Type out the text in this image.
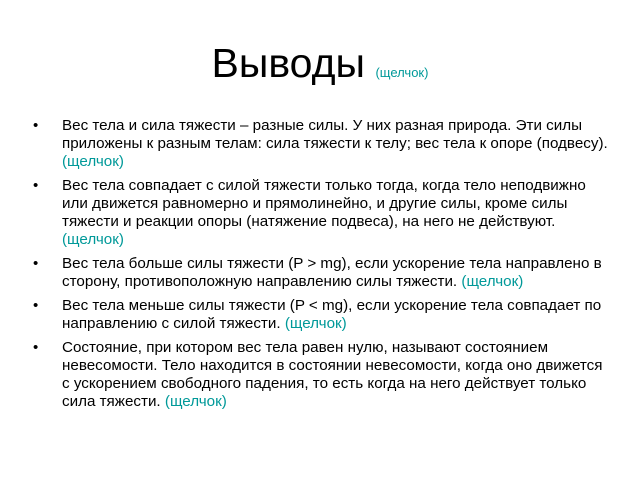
Выводы (щелчок)
• Вес тела и сила тяжести – разные силы. У них разная природа. Эти силы приложены к разным телам: сила тяжести к телу; вес тела к опоре (подвесу). (щелчок)
• Вес тела совпадает с силой тяжести только тогда, когда тело неподвижно или движется равномерно и прямолинейно, и другие силы, кроме силы тяжести и реакции опоры (натяжение подвеса), на него не действуют. (щелчок)
• Вес тела больше силы тяжести (P > mg), если ускорение тела направлено в сторону, противоположную направлению силы тяжести. (щелчок)
• Вес тела меньше силы тяжести (P < mg), если ускорение тела совпадает по направлению с силой тяжести. (щелчок)
• Состояние, при котором вес тела равен нулю, называют состоянием невесомости. Тело находится в состоянии невесомости, когда оно движется с ускорением свободного падения, то есть когда на него действует только сила тяжести. (щелчок)
